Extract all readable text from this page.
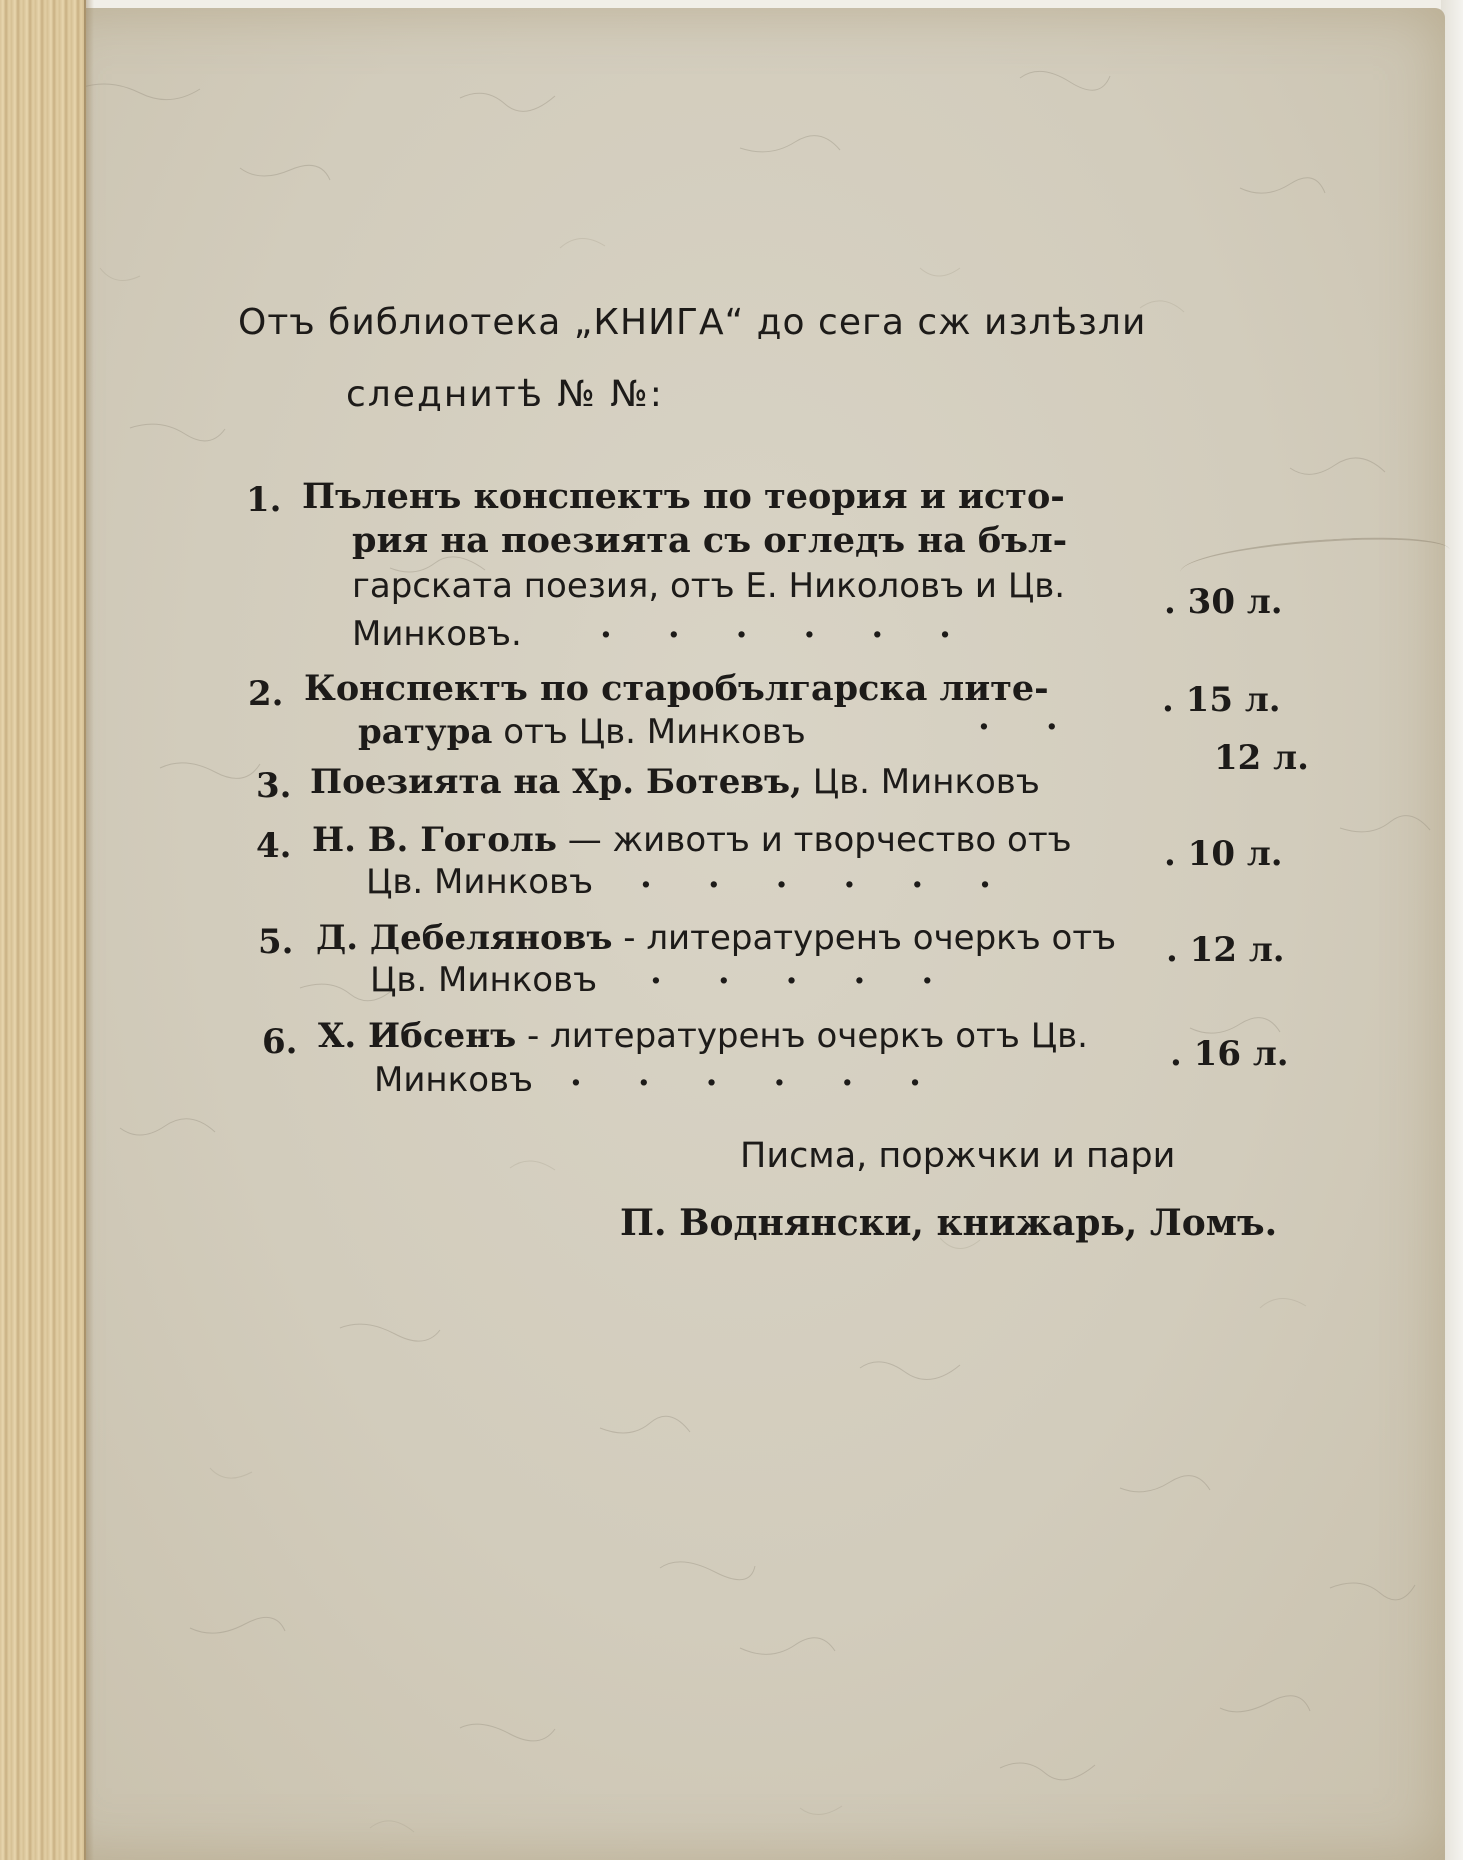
Отъ библиотека „КНИГА“ до сега сж излѣзли
следнитѣ № №:
1. Пъленъ конспектъ по теория и исто-
рия на поезията съ огледъ на бъл-
гарската поезия, отъ Е. Николовъ и Цв.
Минковъ. ......
. 30 л.
2. Конспектъ по старобългарска лите-
ратура отъ Цв. Минковъ	.. . 15 л.
3. Поезията на Хр. Ботевъ, Цв. Минковъ
12 л.
4. Н. В. Гоголь — животъ и творчество отъ
Цв. Минковъ ......
. 10 л.
5. Д. Дебеляновъ - литературенъ очеркъ отъ
Цв. Минковъ .....
. 12 л.
6. Х. Ибсенъ - литературенъ очеркъ отъ Цв.
Минковъ ......	. 16 л.
Писма, поржчки и пари
П. Воднянски, книжарь, Ломъ.
